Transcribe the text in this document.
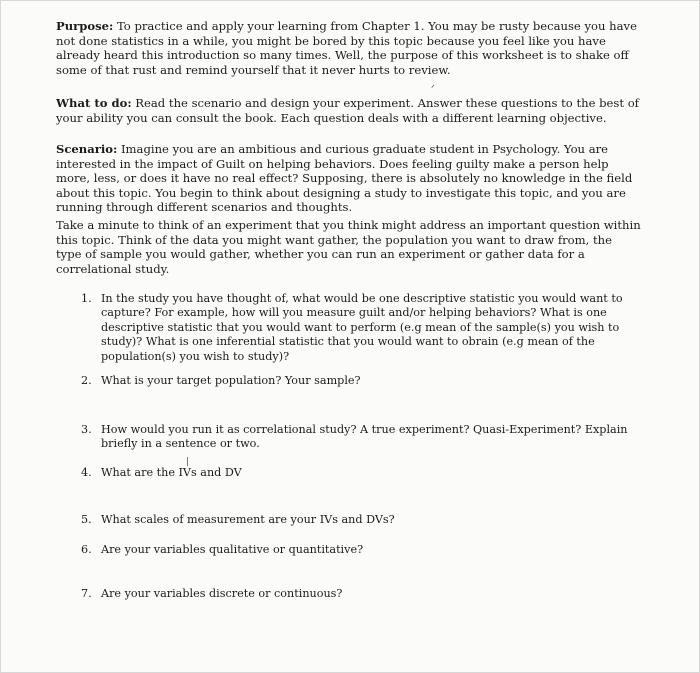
Purpose: To practice and apply your learning from Chapter 1. You may be rusty because you have not done statistics in a while, you might be bored by this topic because you feel like you have already heard this introduction so many times. Well, the purpose of this worksheet is to shake off some of that rust and remind yourself that it never hurts to review.

ᐟ

What to do: Read the scenario and design your experiment. Answer these questions to the best of your ability you can consult the book. Each question deals with a different learning objective.

Scenario: Imagine you are an ambitious and curious graduate student in Psychology. You are interested in the impact of Guilt on helping behaviors. Does feeling guilty make a person help more, less, or does it have no real effect? Supposing, there is absolutely no knowledge in the field about this topic. You begin to think about designing a study to investigate this topic, and you are running through different scenarios and thoughts.

Take a minute to think of an experiment that you think might address an important question within this topic. Think of the data you might want gather, the population you want to draw from, the type of sample you would gather, whether you can run an experiment or gather data for a correlational study.

1. In the study you have thought of, what would be one descriptive statistic you would want to capture? For example, how will you measure guilt and/or helping behaviors? What is one descriptive statistic that you would want to perform (e.g mean of the sample(s) you wish to study)? What is one inferential statistic that you would want to obrain (e.g mean of the population(s) you wish to study)?
2. What is your target population? Your sample?
3. How would you run it as correlational study? A true experiment? Quasi-Experiment? Explain briefly in a sentence or two.
4. What are the IVs and DV
5. What scales of measurement are your IVs and DVs?
6. Are your variables qualitative or quantitative?
7. Are your variables discrete or continuous?
|
